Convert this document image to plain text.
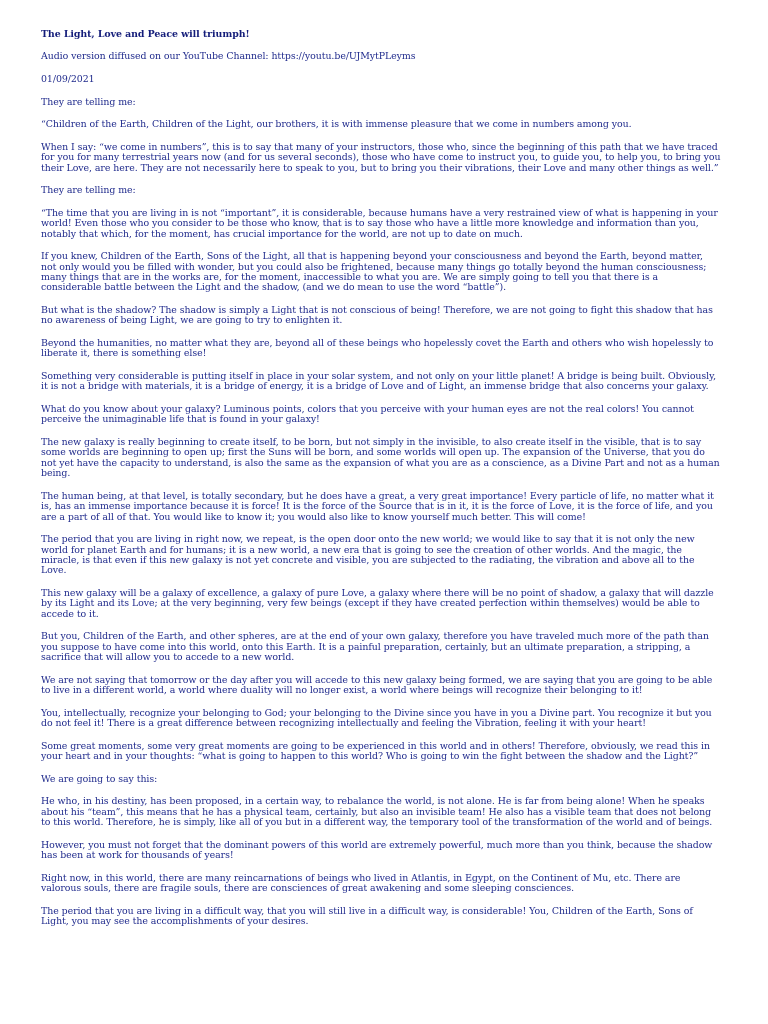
The Light, Love and Peace will triumph!

Audio version diffused on our YouTube Channel: https://youtu.be/UJMytPLeyms

01/09/2021

They are telling me:

“Children of the Earth, Children of the Light, our brothers, it is with immense pleasure that we come in numbers among you.

When I say: “we come in numbers”, this is to say that many of your instructors, those who, since the beginning of this path that we have traced for you for many terrestrial years now (and for us several seconds), those who have come to instruct you, to guide you, to help you, to bring you their Love, are here. They are not necessarily here to speak to you, but to bring you their vibrations, their Love and many other things as well.”

They are telling me:

“The time that you are living in is not “important”, it is considerable, because humans have a very restrained view of what is happening in your world! Even those who you consider to be those who know, that is to say those who have a little more knowledge and information than you, notably that which, for the moment, has crucial importance for the world, are not up to date on much.

If you knew, Children of the Earth, Sons of the Light, all that is happening beyond your consciousness and beyond the Earth, beyond matter, not only would you be filled with wonder, but you could also be frightened, because many things go totally beyond the human consciousness; many things that are in the works are, for the moment, inaccessible to what you are. We are simply going to tell you that there is a considerable battle between the Light and the shadow, (and we do mean to use the word “battle”).

But what is the shadow? The shadow is simply a Light that is not conscious of being! Therefore, we are not going to fight this shadow that has no awareness of being Light, we are going to try to enlighten it.

Beyond the humanities, no matter what they are, beyond all of these beings who hopelessly covet the Earth and others who wish hopelessly to liberate it, there is something else!

Something very considerable is putting itself in place in your solar system, and not only on your little planet! A bridge is being built. Obviously, it is not a bridge with materials, it is a bridge of energy, it is a bridge of Love and of Light, an immense bridge that also concerns your galaxy.

What do you know about your galaxy? Luminous points, colors that you perceive with your human eyes are not the real colors! You cannot perceive the unimaginable life that is found in your galaxy!

The new galaxy is really beginning to create itself, to be born, but not simply in the invisible, to also create itself in the visible, that is to say some worlds are beginning to open up; first the Suns will be born, and some worlds will open up. The expansion of the Universe, that you do not yet have the capacity to understand, is also the same as the expansion of what you are as a conscience, as a Divine Part and not as a human being.

The human being, at that level, is totally secondary, but he does have a great, a very great importance! Every particle of life, no matter what it is, has an immense importance because it is force! It is the force of the Source that is in it, it is the force of Love, it is the force of life, and you are a part of all of that. You would like to know it; you would also like to know yourself much better. This will come!

The period that you are living in right now, we repeat, is the open door onto the new world; we would like to say that it is not only the new world for planet Earth and for humans; it is a new world, a new era that is going to see the creation of other worlds. And the magic, the miracle, is that even if this new galaxy is not yet concrete and visible, you are subjected to the radiating, the vibration and above all to the Love.

This new galaxy will be a galaxy of excellence, a galaxy of pure Love, a galaxy where there will be no point of shadow, a galaxy that will dazzle by its Light and its Love; at the very beginning, very few beings (except if they have created perfection within themselves) would be able to accede to it.

But you, Children of the Earth, and other spheres, are at the end of your own galaxy, therefore you have traveled much more of the path than you suppose to have come into this world, onto this Earth. It is a painful preparation, certainly, but an ultimate preparation, a stripping, a sacrifice that will allow you to accede to a new world.

We are not saying that tomorrow or the day after you will accede to this new galaxy being formed, we are saying that you are going to be able to live in a different world, a world where duality will no longer exist, a world where beings will recognize their belonging to it!

You, intellectually, recognize your belonging to God; your belonging to the Divine since you have in you a Divine part. You recognize it but you do not feel it! There is a great difference between recognizing intellectually and feeling the Vibration, feeling it with your heart!

Some great moments, some very great moments are going to be experienced in this world and in others! Therefore, obviously, we read this in your heart and in your thoughts: “what is going to happen to this world? Who is going to win the fight between the shadow and the Light?”

We are going to say this:

He who, in his destiny, has been proposed, in a certain way, to rebalance the world, is not alone. He is far from being alone! When he speaks about his “team”, this means that he has a physical team, certainly, but also an invisible team! He also has a visible team that does not belong to this world. Therefore, he is simply, like all of you but in a different way, the temporary tool of the transformation of the world and of beings.

However, you must not forget that the dominant powers of this world are extremely powerful, much more than you think, because the shadow has been at work for thousands of years!

Right now, in this world, there are many reincarnations of beings who lived in Atlantis, in Egypt, on the Continent of Mu, etc. There are valorous souls, there are fragile souls, there are consciences of great awakening and some sleeping consciences.

The period that you are living in a difficult way, that you will still live in a difficult way, is considerable! You, Children of the Earth, Sons of Light, you may see the accomplishments of your desires.
